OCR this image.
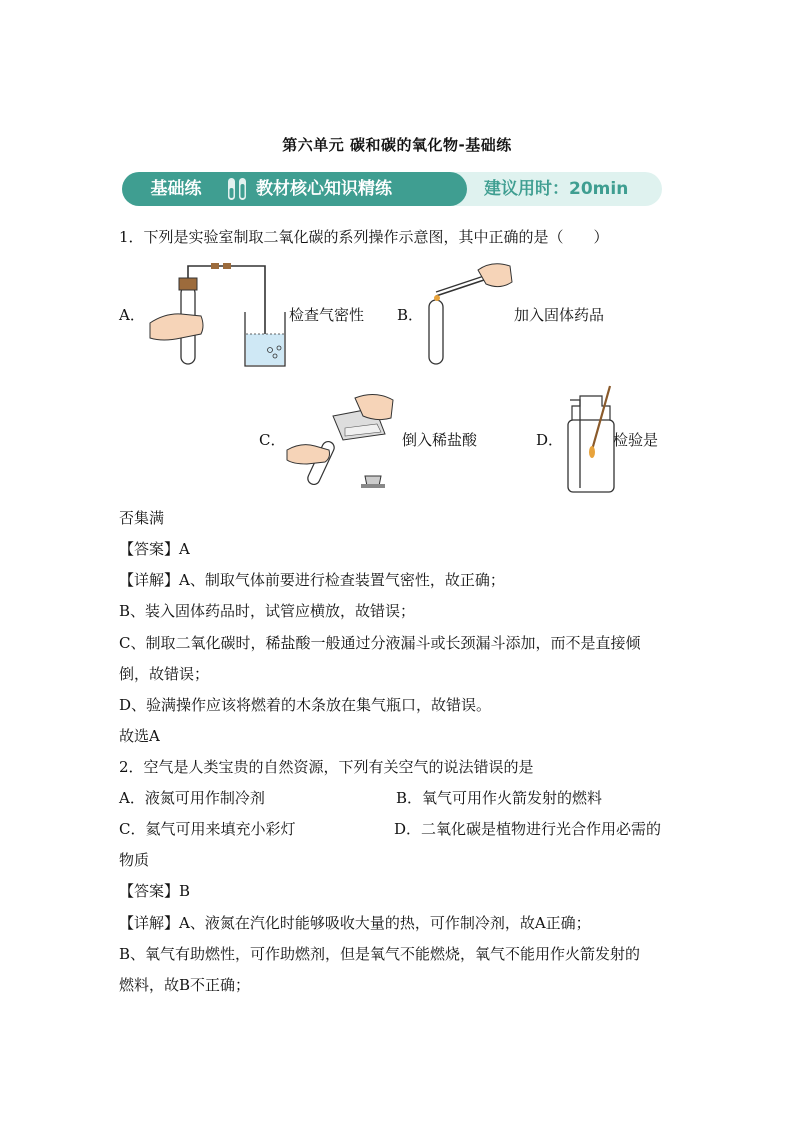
第六单元 碳和碳的氧化物-基础练
基础练	教材核心知识精练	建议用时：20min
1．下列是实验室制取二氧化碳的系列操作示意图，其中正确的是（　　）
A．	检查气密性 B．	加入固体药品
C．	倒入稀盐酸	D．	检验是
否集满
【答案】A
【详解】A、制取气体前要进行检查装置气密性，故正确；
B、装入固体药品时，试管应横放，故错误；
C、制取二氧化碳时，稀盐酸一般通过分液漏斗或长颈漏斗添加，而不是直接倾
倒，故错误；
D、验满操作应该将燃着的木条放在集气瓶口，故错误。
故选A
2．空气是人类宝贵的自然资源，下列有关空气的说法错误的是
A．液氮可用作制冷剂	B．氧气可用作火箭发射的燃料
C．氦气可用来填充小彩灯	D．二氧化碳是植物进行光合作用必需的
物质
【答案】B
【详解】A、液氮在汽化时能够吸收大量的热，可作制冷剂，故A正确；
B、氧气有助燃性，可作助燃剂，但是氧气不能燃烧，氧气不能用作火箭发射的
燃料，故B不正确；
